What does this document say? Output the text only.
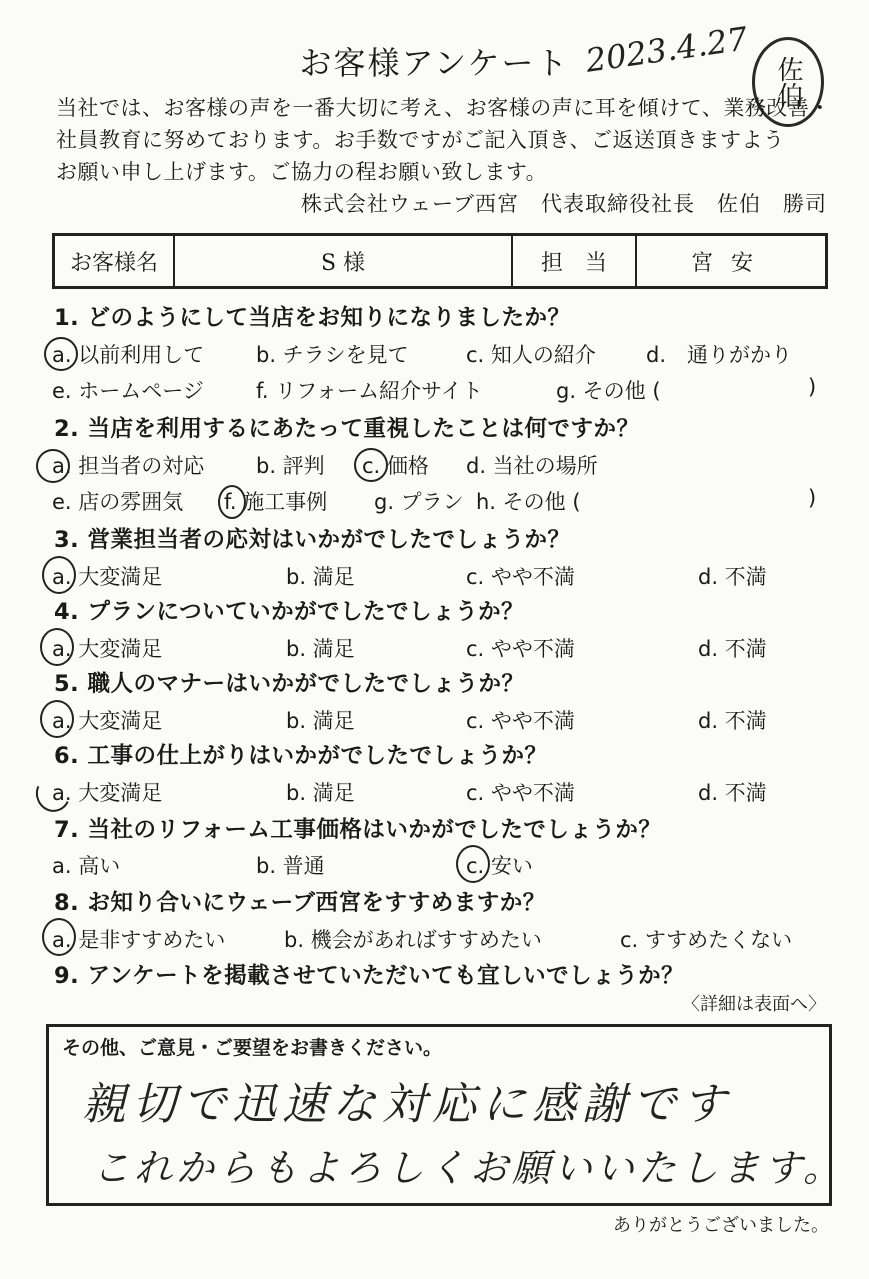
お客様アンケート 2023.4.27
佐伯
当社では、お客様の声を一番大切に考え、お客様の声に耳を傾けて、業務改善・
社員教育に努めております。お手数ですがご記入頂き、ご返送頂きますよう
お願い申し上げます。ご協力の程お願い致します。
株式会社ウェーブ西宮　代表取締役社長　佐伯　勝司
お客様名	S 様	担　当	宮安
1. どのようにして当店をお知りになりましたか？
a. 以前利用して b. チラシを見て	c. 知人の紹介 d.　通りがかり
e. ホームページ f. リフォーム紹介サイト	g. その他 (	)
2. 当店を利用するにあたって重視したことは何ですか？
a. 担当者の対応 b. 評判 c. 価格 d. 当社の場所
e. 店の雰囲気 f. 施工事例 g. プラン h. その他 (	)
3. 営業担当者の応対はいかがでしたでしょうか？
a. 大変満足	b. 満足	c. やや不満	d. 不満
4. プランについていかがでしたでしょうか？
a. 大変満足	b. 満足	c. やや不満	d. 不満
5. 職人のマナーはいかがでしたでしょうか？
a. 大変満足	b. 満足	c. やや不満	d. 不満
6. 工事の仕上がりはいかがでしたでしょうか？
a. 大変満足	b. 満足	c. やや不満	d. 不満
7. 当社のリフォーム工事価格はいかがでしたでしょうか？
a. 高い	b. 普通	c. 安い
8. お知り合いにウェーブ西宮をすすめますか？
a. 是非すすめたい	b. 機会があればすすめたい	c. すすめたくない
9. アンケートを掲載させていただいても宜しいでしょうか？
〈詳細は表面へ〉
その他、ご意見・ご要望をお書きください。
親切で迅速な対応に感謝です
これからもよろしくお願いいたします。
ありがとうございました。
